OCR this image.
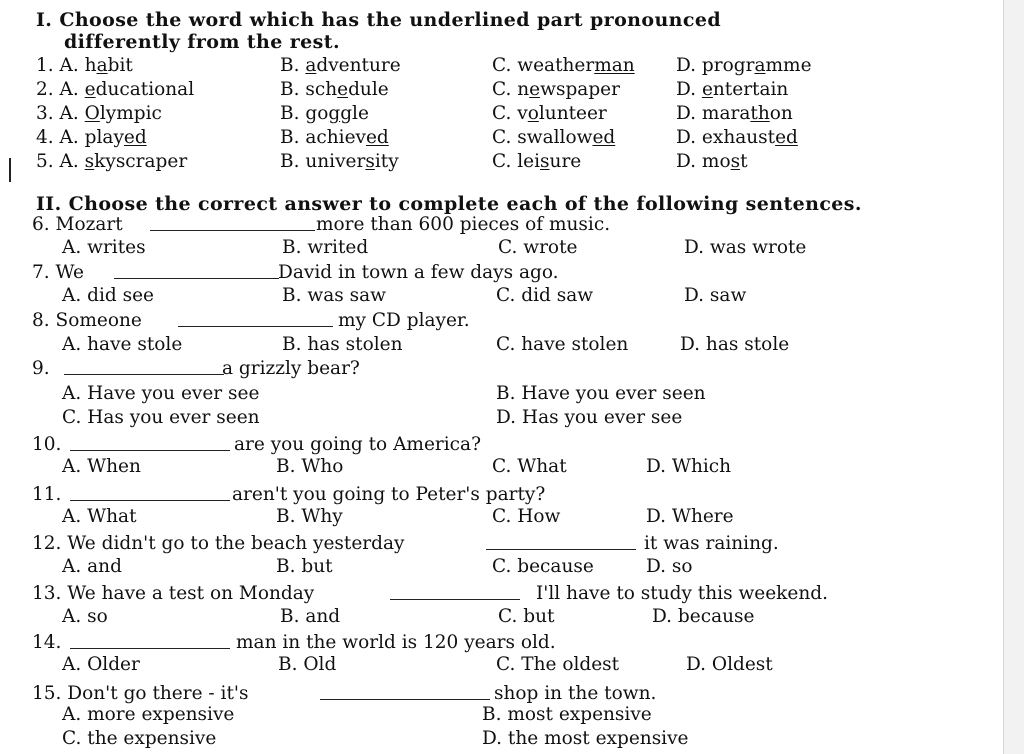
I. Choose the word which has the underlined part pronounced
differently from the rest.
1. A. habit	B. adventure	C. weatherman D. programme
2. A. educational	B. schedule	C. newspaper	D. entertain
3. A. Olympic	B. goggle	C. volunteer	D. marathon
4. A. played	B. achieved	C. swallowed	D. exhausted
5. A. skyscraper	B. university	C. leisure	D. most
II. Choose the correct answer to complete each of the following sentences.
6. Mozart	more than 600 pieces of music.
A. writes	B. writed	C. wrote	D. was wrote
7. We	David in town a few days ago.
A. did see	B. was saw	C. did saw	D. saw
8. Someone	my CD player.
A. have stole	B. has stolen	C. have stolen	D. has stole
9.	a grizzly bear?
A. Have you ever see	B. Have you ever seen
C. Has you ever seen	D. Has you ever see
10.	are you going to America?
A. When	B. Who	C. What	D. Which
11.	aren't you going to Peter's party?
A. What	B. Why	C. How	D. Where
12. We didn't go to the beach yesterday	it was raining.
A. and	B. but	C. because	D. so
13. We have a test on Monday	I'll have to study this weekend.
A. so	B. and	C. but	D. because
14.	man in the world is 120 years old.
A. Older	B. Old	C. The oldest	D. Oldest
15. Don't go there - it's	shop in the town.
A. more expensive	B. most expensive
C. the expensive	D. the most expensive
